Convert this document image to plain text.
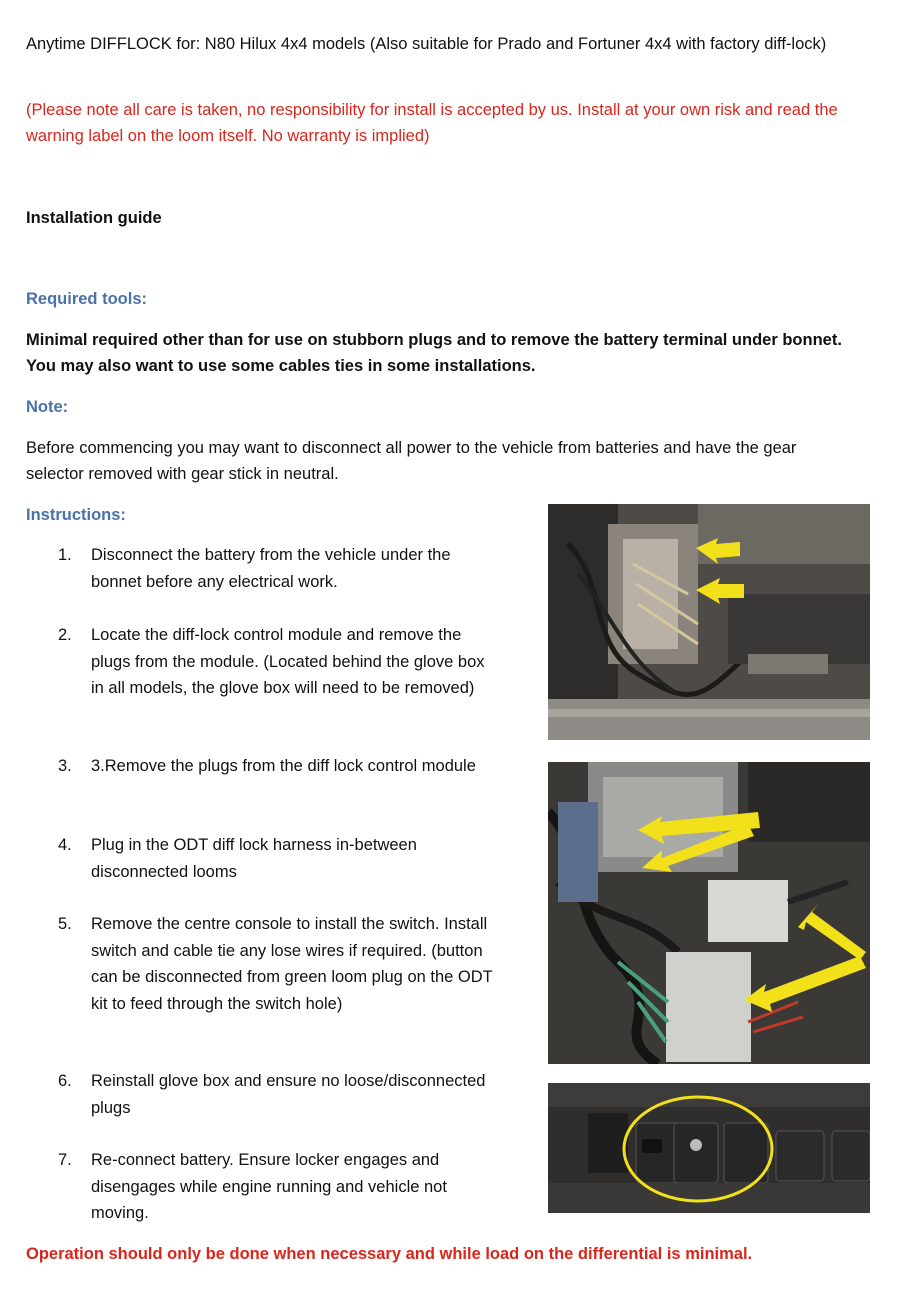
Anytime DIFFLOCK for: N80 Hilux 4x4 models (Also suitable for Prado and Fortuner 4x4 with factory diff-lock)

(Please note all care is taken, no responsibility for install is accepted by us. Install at your own risk and read the warning label on the loom itself. No warranty is implied)

Installation guide

Required tools:

Minimal required other than for use on stubborn plugs and to remove the battery terminal under bonnet. You may also want to use some cables ties in some installations.

Note:

Before commencing you may want to disconnect all power to the vehicle from batteries and have the gear selector removed with gear stick in neutral.

Instructions:

1.	Disconnect the battery from the vehicle under the bonnet before any electrical work.
2.	Locate the diff-lock control module and remove the plugs from the module. (Located behind the glove box in all models, the glove box will need to be removed)
3.	3.Remove the plugs from the diff lock control module
4.	Plug in the ODT diff lock harness in-between disconnected looms
5.	Remove the centre console to install the switch. Install switch and cable tie any lose wires if required. (button can be disconnected from green loom plug on the ODT kit to feed through the switch hole)
6.	Reinstall glove box and ensure no loose/disconnected plugs
7.	Re-connect battery. Ensure locker engages and disengages while engine running and vehicle not moving.

Operation should only be done when necessary and while load on the differential is minimal.
